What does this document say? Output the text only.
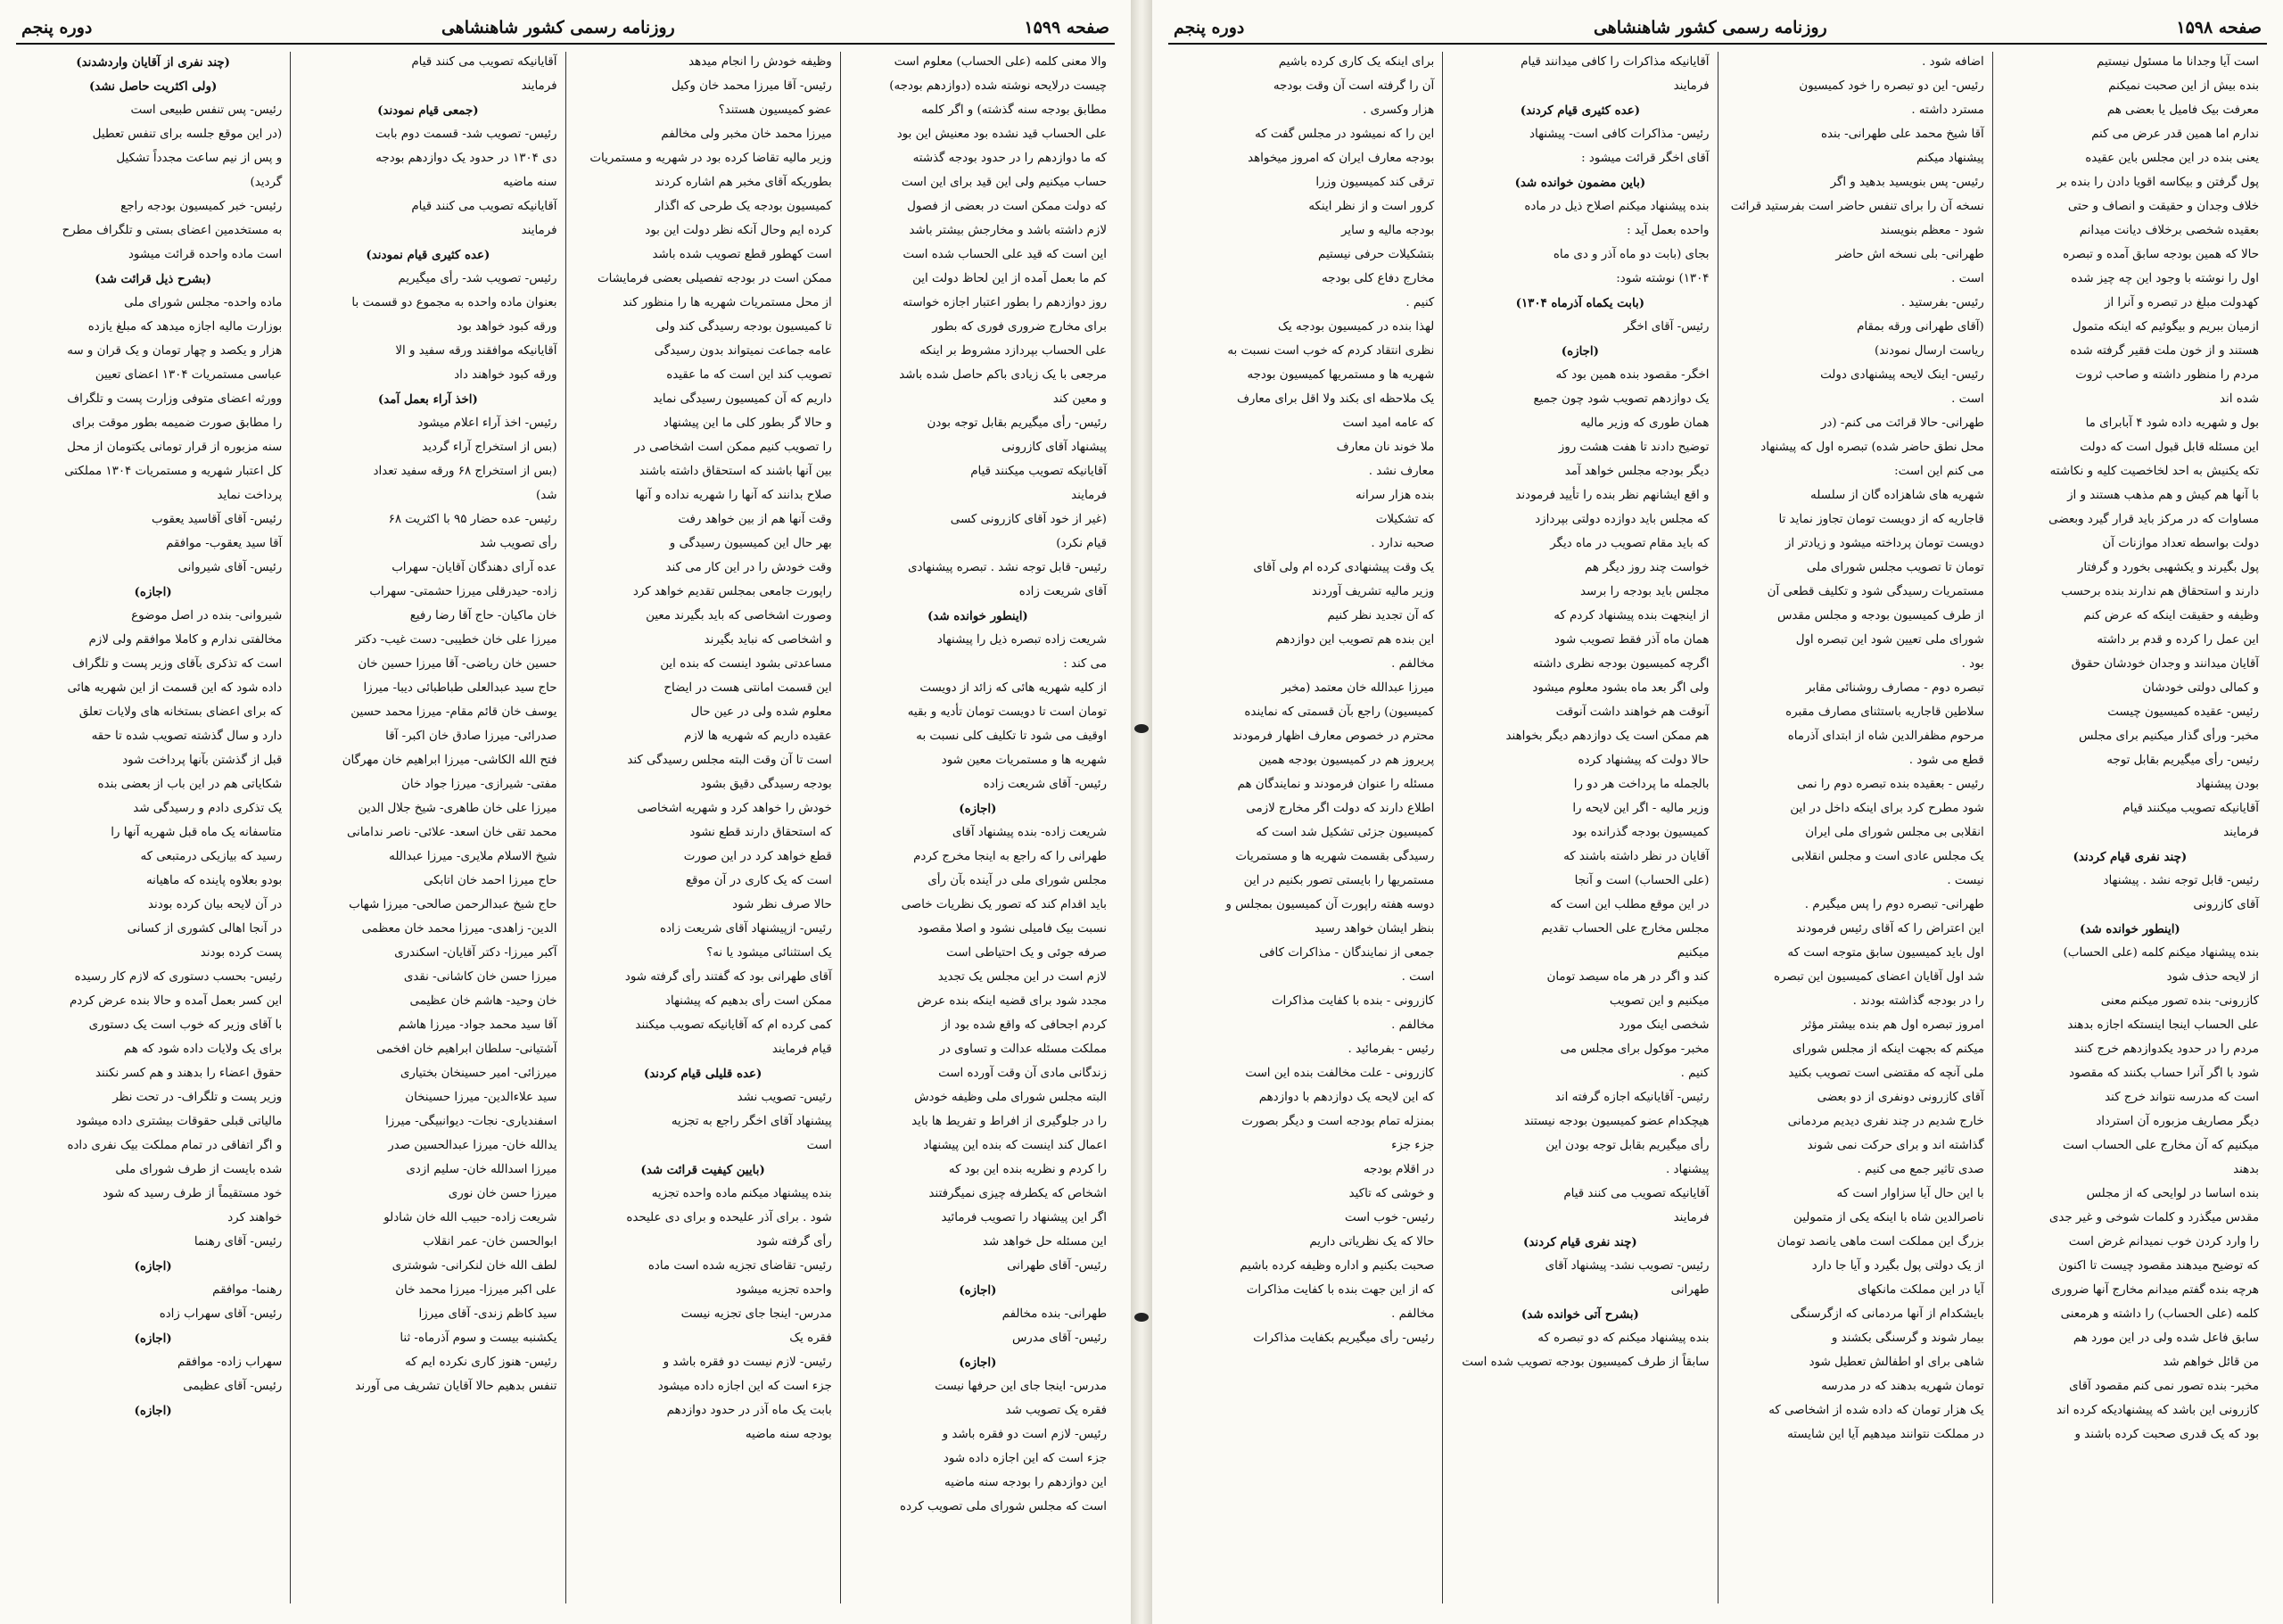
صفحه ۱۵۹۹
روزنامه رسمی کشور شاهنشاهی
دوره پنجم
والا معنی کلمه (علی الحساب) معلوم است
چیست درلایحه نوشته شده (دوازدهم بودجه)
مطابق بودجه سنه گذشته) و اگر کلمه
علی الحساب قید نشده بود معنیش این بود
که ما دوازدهم را در حدود بودجه گذشته
حساب میکنیم ولی این قید برای این است
که دولت ممکن است در بعضی از فصول
لازم داشته باشد و مخارجش بیشتر باشد
این است که قید علی الحساب شده است
کم ما بعمل آمده از این لحاظ دولت این
روز دوازدهم را بطور اعتبار اجازه خواسته
برای مخارج ضروری فوری که بطور
علی الحساب بپردازد مشروط بر اینکه
مرجعی با یک زیادی باکم حاصل شده باشد
و معین کند
رئیس- رأی میگیریم بقابل توجه بودن
پیشنهاد آقای کازرونی
آقایانیکه تصویب میکنند قیام
فرمایند
(غیر از خود آقای کازرونی کسی
قیام نکرد)
رئیس- قابل توجه نشد . تبصره پیشنهادی
آقای شریعت زاده
(اینطور خوانده شد)
شریعت زاده تبصره ذیل را پیشنهاد
می کند :
از کلیه شهریه هائی که زائد از دویست
تومان است تا دویست تومان تأدیه و بقیه
اوقیف می شود تا تکلیف کلی نسبت به
شهریه ها و مستمریات معین شود
رئیس- آقای شریعت زاده
(اجازه)
شریعت زاده- بنده پیشنهاد آقای
طهرانی را که راجع به اینجا مخرج کردم
مجلس شورای ملی در آینده بآن رأی
باید اقدام کند که تصور یک نظریات خاصی
نسبت بیک فامیلی نشود و اصلا مقصود
صرفه جوئی و یک احتیاطی است
لازم است در این مجلس یک تجدید
مجدد شود برای قضیه اینکه بنده عرض
کردم اجحافی که واقع شده بود از
مملکت مسئله عدالت و تساوی در
زندگانی مادی آن وقت آورده است
البته مجلس شورای ملی وظیفه خودش
را در جلوگیری از افراط و تفریط ها باید
اعمال کند اینست که بنده این پیشنهاد
را کردم و نظریه بنده این بود که
اشخاص که یکطرفه چیزی نمیگرفتند
اگر این پیشنهاد را تصویب فرمائید
این مسئله حل خواهد شد
رئیس- آقای طهرانی
(اجازه)
طهرانی- بنده مخالفم
رئیس- آقای مدرس
(اجازه)
مدرس- اینجا جای این حرفها نیست
فقره یک تصویب شد
رئیس- لازم است دو فقره باشد و
جزء است که این اجازه داده شود
این دوازدهم را بودجه سنه ماضیه
است که مجلس شورای ملی تصویب کرده
وظیفه خودش را انجام میدهد
رئیس- آقا میرزا محمد خان وکیل
عضو کمیسیون هستند؟
میرزا محمد خان مخبر ولی مخالفم
وزیر مالیه تقاضا کرده بود در شهریه و مستمریات
بطوریکه آقای مخبر هم اشاره کردند
کمیسیون بودجه یک طرحی که اگذار
کرده ایم وحال آنکه نظر دولت این بود
است کهطور قطع تصویب شده باشد
ممکن است در بودجه تفصیلی بعضی فرمایشات
از محل مستمریات شهریه ها را منظور کند
تا کمیسیون بودجه رسیدگی کند ولی
عامه جماعت نمیتواند بدون رسیدگی
تصویب کند این است که ما عقیده
داریم که آن کمیسیون رسیدگی نماید
و حالا گر بطور کلی ما این پیشنهاد
را تصویب کنیم ممکن است اشخاصی در
بین آنها باشند که استحقاق داشته باشند
صلاح بدانند که آنها را شهریه نداده و آنها
وقت آنها هم از بین خواهد رفت
بهر حال این کمیسیون رسیدگی و
وقت خودش را در این کار می کند
راپورت جامعی بمجلس تقدیم خواهد کرد
وصورت اشخاصی که باید بگیرند معین
و اشخاصی که نباید بگیرند
مساعدتی بشود اینست که بنده این
این قسمت امانتی هست در ایضاح
معلوم شده ولی در عین حال
عقیده داریم که شهریه ها لازم
است تا آن وقت البته مجلس رسیدگی کند
بودجه رسیدگی دقیق بشود
خودش را خواهد کرد و شهریه اشخاصی
که استحقاق دارند قطع نشود
قطع خواهد کرد در این صورت
است که یک کاری در آن موقع
حالا صرف نظر شود
رئیس- ازپیشنهاد آقای شریعت زاده
یک استثنائی میشود یا نه؟
آقای طهرانی بود که گفتند رأی گرفته شود
ممکن است رأی بدهیم که پیشنهاد
کمی کرده ام که آقایانیکه تصویب میکنند
قیام فرمایند
(عده قلیلی قیام کردند)
رئیس- تصویب نشد
پیشنهاد آقای اخگر راجع به تجزیه
است
(بایین کیفیت قرائت شد)
بنده پیشنهاد میکنم ماده واحده تجزیه
شود . برای آذر علیحده و برای دی علیحده
رأی گرفته شود
رئیس- تقاضای تجزیه شده است ماده
واحده تجزیه میشود
مدرس- اینجا جای تجزیه نیست
فقره یک
رئیس- لازم نیست دو فقره باشد و
جزء است که این اجازه داده میشود
بابت یک ماه آذر در حدود دوازدهم
بودجه سنه ماضیه
آقایانیکه تصویب می کنند قیام
فرمایند
(جمعی قیام نمودند)
رئیس- تصویب شد- قسمت دوم بابت
دی ۱۳۰۴ در حدود یک دوازدهم بودجه
سنه ماضیه
آقایانیکه تصویب می کنند قیام
فرمایند
(عده کثیری قیام نمودند)
رئیس- تصویب شد- رأی میگیریم
بعنوان ماده واحده به مجموع دو قسمت با
ورقه کبود خواهد بود
آقایانیکه موافقند ورقه سفید و الا
ورقه کبود خواهند داد
(اخذ آراء بعمل آمد)
رئیس- اخذ آراء اعلام میشود
(بس از استخراج آراء گردید
(بس از استخراج ۶۸ ورقه سفید تعداد
شد)
رئیس- عده حضار ۹۵ با اکثریت ۶۸
رأی تصویب شد
عده آرای دهندگان آقایان- سهراب
زاده- حیدرقلی میرزا حشمتی- سهراب
خان ماکیان- حاج آقا رضا رفیع
میرزا علی خان خطیبی- دست غیب- دکتر
حسین خان ریاضی- آقا میرزا حسین خان
حاج سید عبدالعلی طباطبائی دیبا- میرزا
یوسف خان قائم مقام- میرزا محمد حسین
صدرائی- میرزا صادق خان اکبر- آقا
فتح الله الکاشی- میرزا ابراهیم خان مهرگان
مفتی- شیرازی- میرزا جواد خان
میرزا علی خان طاهری- شیخ جلال الدین
محمد تقی خان اسعد- علائی- ناصر ندامانی
شیخ الاسلام ملایری- میرزا عبدالله
حاج میرزا احمد خان اتابکی
حاج شیخ عبدالرحمن صالحی- میرزا شهاب
الدین- زاهدی- میرزا محمد خان معظمی
آکبر میرزا- دکتر آقایان- اسکندری
میرزا حسن خان کاشانی- نقدی
خان وحید- هاشم خان عظیمی
آقا سید محمد جواد- میرزا هاشم
آشتیانی- سلطان ابراهیم خان افخمی
میرزائی- امیر حسینخان بختیاری
سید علاءالدین- میرزا حسینخان
اسفندیاری- نجات- دیوانبیگی- میرزا
یدالله خان- میرزا عبدالحسین صدر
میرزا اسدالله خان- سلیم ازدی
میرزا حسن خان نوری
شریعت زاده- حبیب الله خان شادلو
ابوالحسن خان- عمر انقلاب
لطف الله خان لنکرانی- شوشتری
علی اکبر میرزا- میرزا محمد خان
سید کاظم زندی- آقای میرزا
یکشنبه بیست و سوم آذرماه- ثنا
رئیس- هنوز کاری نکرده ایم که
تنفس بدهیم حالا آقایان تشریف می آورند
(چند نفری از آقایان واردشدند)
(ولی اکثریت حاصل نشد)
رئیس- پس تنفس طبیعی است
(در این موقع جلسه برای تنفس تعطیل
و پس از نیم ساعت مجدداً تشکیل
گردید)
رئیس- خبر کمیسیون بودجه راجع
به مستخدمین اعضای بستی و تلگراف مطرح
است ماده واحده قرائت میشود
(بشرح ذیل قرائت شد)
ماده واحده- مجلس شورای ملی
بوزارت مالیه اجازه میدهد که مبلغ یازده
هزار و یکصد و چهار تومان و یک قران و سه
عباسی مستمریات ۱۳۰۴ اعضای تعیین
وورثه اعضای متوفی وزارت پست و تلگراف
را مطابق صورت ضمیمه بطور موقت برای
سنه مزبوره از قرار تومانی یکتومان از محل
کل اعتبار شهریه و مستمریات ۱۳۰۴ مملکتی
پرداخت نماید
رئیس- آقای آقاسید یعقوب
آقا سید یعقوب- موافقم
رئیس- آقای شیروانی
(اجازه)
شیروانی- بنده در اصل موضوع
مخالفتی ندارم و کاملا موافقم ولی لازم
است که تذکری بآقای وزیر پست و تلگراف
داده شود که این قسمت از این شهریه هائی
که برای اعضای بستخانه های ولایات تعلق
دارد و سال گذشته تصویب شده تا حقه
قبل از گذشتن بآنها پرداخت شود
شکایاتی هم در این باب از بعضی بنده
یک تذکری دادم و رسیدگی شد
متاسفانه یک ماه قبل شهریه آنها را
رسید که بیازیکی درمتبعی که
بودو بعلاوه پاینده که ماهیانه
در آن لایحه بیان کرده بودند
در آنجا اهالی کشوری از کسانی
پست کرده بودند
رئیس- بحسب دستوری که لازم کار رسیده
این کسر بعمل آمده و حالا بنده عرض کردم
با آقای وزیر که خوب است یک دستوری
برای یک ولایات داده شود که هم
حقوق اعضاء را بدهند و هم کسر نکنند
وزیر پست و تلگراف- در تحت نظر
مالیاتی قبلی حقوقات بیشتری داده میشود
و اگر اتفاقی در تمام مملکت بیک نفری داده
شده بایست از طرف شورای ملی
خود مستقیماً از طرف رسید که شود
خواهند کرد
رئیس- آقای رهنما
(اجازه)
رهنما- موافقم
رئیس- آقای سهراب زاده
(اجازه)
سهراب زاده- موافقم
رئیس- آقای عظیمی
(اجازه)
صفحه ۱۵۹۸
روزنامه رسمی کشور شاهنشاهی
دوره پنجم
است آیا وجدانا ما مسئول نیستیم
بنده بیش از این صحبت نمیکنم
معرفت بیک فامیل یا بعضی هم
ندارم اما همین قدر عرض می کنم
یعنی بنده در این مجلس باین عقیده
پول گرفتن و بیکاسه اقویا دادن را بنده بر
خلاف وجدان و حقیقت و انصاف و حتی
بعقیده شخصی برخلاف دیانت میدانم
حالا که همین بودجه سابق آمده و تبصره
اول را نوشته با وجود این چه چیز شده
کهدولت مبلغ در تبصره و آنرا از
ازمیان ببریم و بیگوئیم که اینکه متمول
هستند و از خون ملت فقیر گرفته شده
مردم را منظور داشته و صاحب ثروت
شده اند
بول و شهریه داده شود ۴ آبابرای ما
این مسئله قابل قبول است که دولت
تکه یکنیش به احد لخاخصیت کلیه و نکاشته
با آنها هم کیش و هم مذهب هستند و از
مساوات که در مرکز باید قرار گیرد وبعضی
دولت بواسطه تعداد موازنات آن
پول بگیرند و یکشهبی بخورد و گرفتار
دارند و استحقاق هم ندارند بنده برحسب
وظیفه و حقیقت اینکه که عرض کنم
این عمل را کرده و قدم بر داشته
آقایان میدانند و وجدان خودشان حقوق
و کمالی دولتی خودشان
رئیس- عقیده کمیسیون چیست
مخبر- ورأی گذار میکنیم برای مجلس
رئیس- رأی میگیریم بقابل توجه
بودن پیشنهاد
آقایانیکه تصویب میکنند قیام
فرمایند
(چند نفری قیام کردند)
رئیس- قابل توجه نشد . پیشنهاد
آقای کازرونی
(اینطور خوانده شد)
بنده پیشنهاد میکنم کلمه (علی الحساب)
از لایحه حذف شود
کازرونی- بنده تصور میکنم معنی
علی الحساب اینجا اینستکه اجازه بدهند
مردم را در حدود یکدوازدهم خرج کنند
شود با اگر آنرا حساب بکنند که مقصود
است که مدرسه نتواند خرج کند
دیگر مصاریف مزبوره آن استرداد
میکنیم که آن مخارج علی الحساب است
بدهند
بنده اساسا در لوایحی که از مجلس
مقدس میگذرد و کلمات شوخی و غیر جدی
را وارد کردن خوب نمیدانم غرض است
که توضیح میدهند مقصود چیست تا اکنون
هرچه بنده گفتم میدانم مخارج آنها ضروری
کلمه (علی الحساب) را داشته و هرمعنی
سابق فاعل شده ولی در این مورد هم
من قائل خواهم شد
مخبر- بنده تصور نمی کنم مقصود آقای
کازرونی این باشد که پیشنهادیکه کرده اند
بود که یک قدری صحبت کرده باشند و
اضافه شود .
رئیس- این دو تبصره را خود کمیسیون
مسترد داشته .
آقا شیخ محمد علی طهرانی- بنده
پیشنهاد میکنم
رئیس- پس بنویسید بدهید و اگر
نسخه آن را برای تنفس حاضر است بفرستید قرائت
شود - معظم بنویسند
طهرانی- بلی نسخه اش حاضر
است .
رئیس- بفرستید .
(آقای طهرانی ورقه بمقام
ریاست ارسال نمودند)
رئیس- اینک لایحه پیشنهادی دولت
است .
طهرانی- حالا قرائت می کنم- (در
محل نطق حاضر شده) تبصره اول که پیشنهاد
می کنم این است:
شهریه های شاهزاده گان از سلسله
قاجاریه که از دویست تومان تجاوز نماید تا
دویست تومان پرداخته میشود و زیادتر از
تومان تا تصویب مجلس شورای ملی
مستمریات رسیدگی شود و تکلیف قطعی آن
از طرف کمیسیون بودجه و مجلس مقدس
شورای ملی تعیین شود این تبصره اول
بود .
تبصره دوم - مصارف روشنائی مقابر
سلاطین قاجاریه باستثنای مصارف مقبره
مرحوم مظفرالدین شاه از ابتدای آذرماه
قطع می شود .
رئیس - بعقیده بنده تبصره دوم را نمی
شود مطرح کرد برای اینکه داخل در این
انقلابی بی مجلس شورای ملی ایران
یک مجلس عادی است و مجلس انقلابی
نیست .
طهرانی- تبصره دوم را پس میگیرم .
این اعتراض را که آقای رئیس فرمودند
اول باید کمیسیون سابق متوجه است که
شد اول آقایان اعضای کمیسیون این تبصره
را در بودجه گذاشته بودند .
امروز تبصره اول هم بنده بیشتر مؤثر
میکنم که بجهت اینکه از مجلس شورای
ملی آنچه که مقتضی است تصویب بکنید
آقای کازرونی دونفری از دو بعضی
خارج شدیم در چند نفری دیدیم مردمانی
گذاشته اند و برای حرکت نمی شوند
صدی تاثیر جمع می کنیم .
با این حال آیا سزاوار است که
ناصرالدین شاه با اینکه یکی از متمولین
بزرگ این مملکت است ماهی یانصد تومان
از یک دولتی پول بگیرد و آیا جا دارد
آیا در این مملکت مانکهای
بایشکدام از آنها مردمانی که ازگرسنگی
بیمار شوند و گرسنگی بکشند و
شاهی برای او اطفالش تعطیل شود
تومان شهریه بدهند که در مدرسه
یک هزار تومان که داده شده از اشخاصی که
در مملکت نتوانند میدهیم آیا این شایسته
آقایانیکه مذاکرات را کافی میدانند قیام
فرمایند
(عده کثیری قیام کردند)
رئیس- مذاکرات کافی است- پیشنهاد
آقای اخگر قرائت میشود :
(باین مضمون خوانده شد)
بنده پیشنهاد میکنم اصلاح ذیل در ماده
واحده بعمل آید :
بجای (بابت دو ماه آذر و دی ماه
۱۳۰۴) نوشته شود:
(بابت یکماه آذرماه ۱۳۰۴)
رئیس- آقای اخگر
(اجازه)
اخگر- مقصود بنده همین بود که
یک دوازدهم تصویب شود چون جمیع
همان طوری که وزیر مالیه
توضیح دادند تا هفت هشت روز
دیگر بودجه مجلس خواهد آمد
و اقع ایشانهم نظر بنده را تأیید فرمودند
که مجلس باید دوازده دولتی بپردازد
که باید مقام تصویب در ماه دیگر
خواست چند روز دیگر هم
مجلس باید بودجه را برسد
از اینجهت بنده پیشنهاد کردم که
همان ماه آذر فقط تصویب شود
اگرچه کمیسیون بودجه نظری داشته
ولی اگر بعد ماه بشود معلوم میشود
آنوقت هم خواهند داشت آنوقت
هم ممکن است یک دوازدهم دیگر بخواهند
حالا دولت که پیشنهاد کرده
بالجمله ما پرداخت هر دو را
وزیر مالیه - اگر این لایحه را
کمیسیون بودجه گذرانده بود
آقایان در نظر داشته باشند که
(علی الحساب) است و آنجا
در این موقع مطلب این است که
مجلس مخارج علی الحساب تقدیم
میکنیم
کند و اگر در هر ماه سیصد تومان
میکنیم و این تصویب
شخصی اینک مورد
مخبر- موکول برای مجلس می
کنیم .
رئیس- آقایانیکه اجازه گرفته اند
هیچکدام عضو کمیسیون بودجه نیستند
رأی میگیریم بقابل توجه بودن این
پیشنهاد .
آقایانیکه تصویب می کنند قیام
فرمایند
(چند نفری قیام کردند)
رئیس- تصویب نشد- پیشنهاد آقای
طهرانی
(بشرح آتی خوانده شد)
بنده پیشنهاد میکنم که دو تبصره که
سابقاً از طرف کمیسیون بودجه تصویب شده است
برای اینکه یک کاری کرده باشیم
آن را گرفته است آن وقت بودجه
هزار وکسری .
این را که نمیشود در مجلس گفت که
بودجه معارف ایران که امروز میخواهد
ترقی کند کمیسیون وزرا
کرور است و از نظر اینکه
بودجه مالیه و سایر
بتشکیلات حرفی نیستیم
مخارج دفاع کلی بودجه
کنیم .
لهذا بنده در کمیسیون بودجه یک
نظری انتقاد کردم که خوب است نسبت به
شهریه ها و مستمریها کمیسیون بودجه
یک ملاحظه ای بکند ولا اقل برای معارف
که عامه امید است
ملا خوند نان معارف
معارف نشد .
بنده هزار سرانه
که تشکیلات
صحبه ندارد .
یک وقت پیشنهادی کرده ام ولی آقای
وزیر مالیه تشریف آوردند
که آن تجدید نظر کنیم
این بنده هم تصویب این دوازدهم
مخالفم .
میرزا عبدالله خان معتمد (مخبر
کمیسیون) راجع بآن قسمتی که نماینده
محترم در خصوص معارف اظهار فرمودند
پریروز هم در کمیسیون بودجه همین
مسئله را عنوان فرمودند و نمایندگان هم
اطلاع دارند که دولت اگر مخارج لازمی
کمیسیون جزئی تشکیل شد است که
رسیدگی بقسمت شهریه ها و مستمریات
مستمریها را بایستی تصور بکنیم در این
دوسه هفته راپورت آن کمیسیون بمجلس و
بنظر ایشان خواهد رسید
جمعی از نمایندگان - مذاکرات کافی
است .
کازرونی - بنده با کفایت مذاکرات
مخالفم .
رئیس - بفرمائید .
کازرونی - علت مخالفت بنده این است
که این لایحه یک دوازدهم با دوازدهم
بمنزله تمام بودجه است و دیگر بصورت
جزء جزء
در اقلام بودجه
و خوشی که تاکید
رئیس- خوب است
حالا که یک نظریاتی داریم
صحبت بکنیم و اداره وظیفه کرده باشیم
که از این جهت بنده با کفایت مذاکرات
مخالفم .
رئیس- رأی میگیریم بکفایت مذاکرات
